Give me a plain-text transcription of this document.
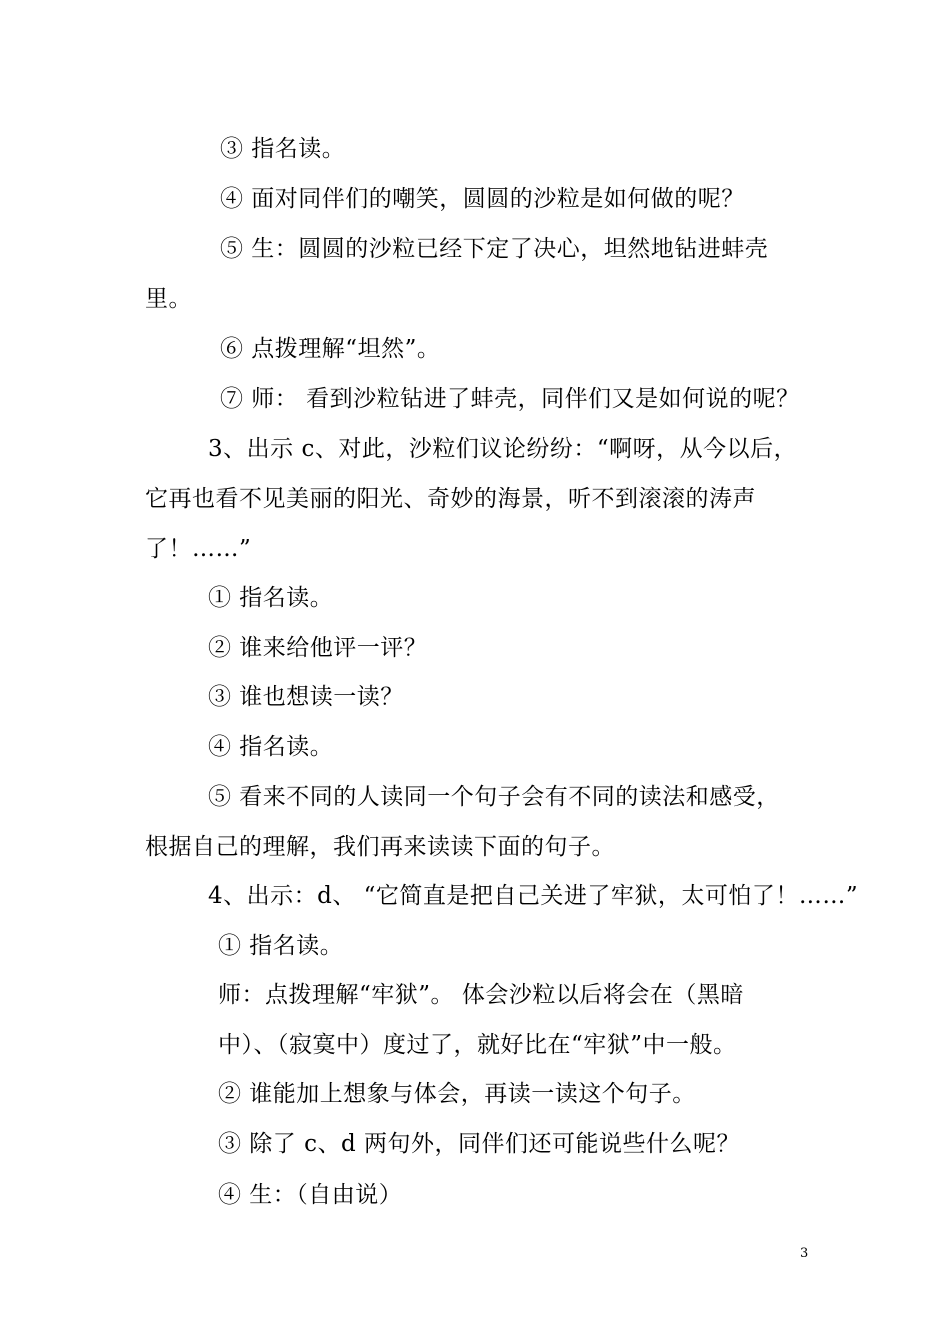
③ 指名读。
④ 面对同伴们的嘲笑，圆圆的沙粒是如何做的呢？
⑤ 生：圆圆的沙粒已经下定了决心，坦然地钻进蚌壳
里。
⑥ 点拨理解“坦然”。
⑦ 师： 看到沙粒钻进了蚌壳，同伴们又是如何说的呢？
3、出示 c、对此，沙粒们议论纷纷：“啊呀，从今以后，
它再也看不见美丽的阳光、奇妙的海景，听不到滚滚的涛声
了！……”
① 指名读。
② 谁来给他评一评？
③ 谁也想读一读？
④ 指名读。
⑤ 看来不同的人读同一个句子会有不同的读法和感受，
根据自己的理解，我们再来读读下面的句子。
4、出示：d、 “它简直是把自己关进了牢狱，太可怕了！……”
① 指名读。
师：点拨理解“牢狱”。 体会沙粒以后将会在（黑暗
中）、（寂寞中）度过了，就好比在“牢狱”中一般。
② 谁能加上想象与体会，再读一读这个句子。
③ 除了 c、d 两句外，同伴们还可能说些什么呢？
④ 生：（自由说）
3
